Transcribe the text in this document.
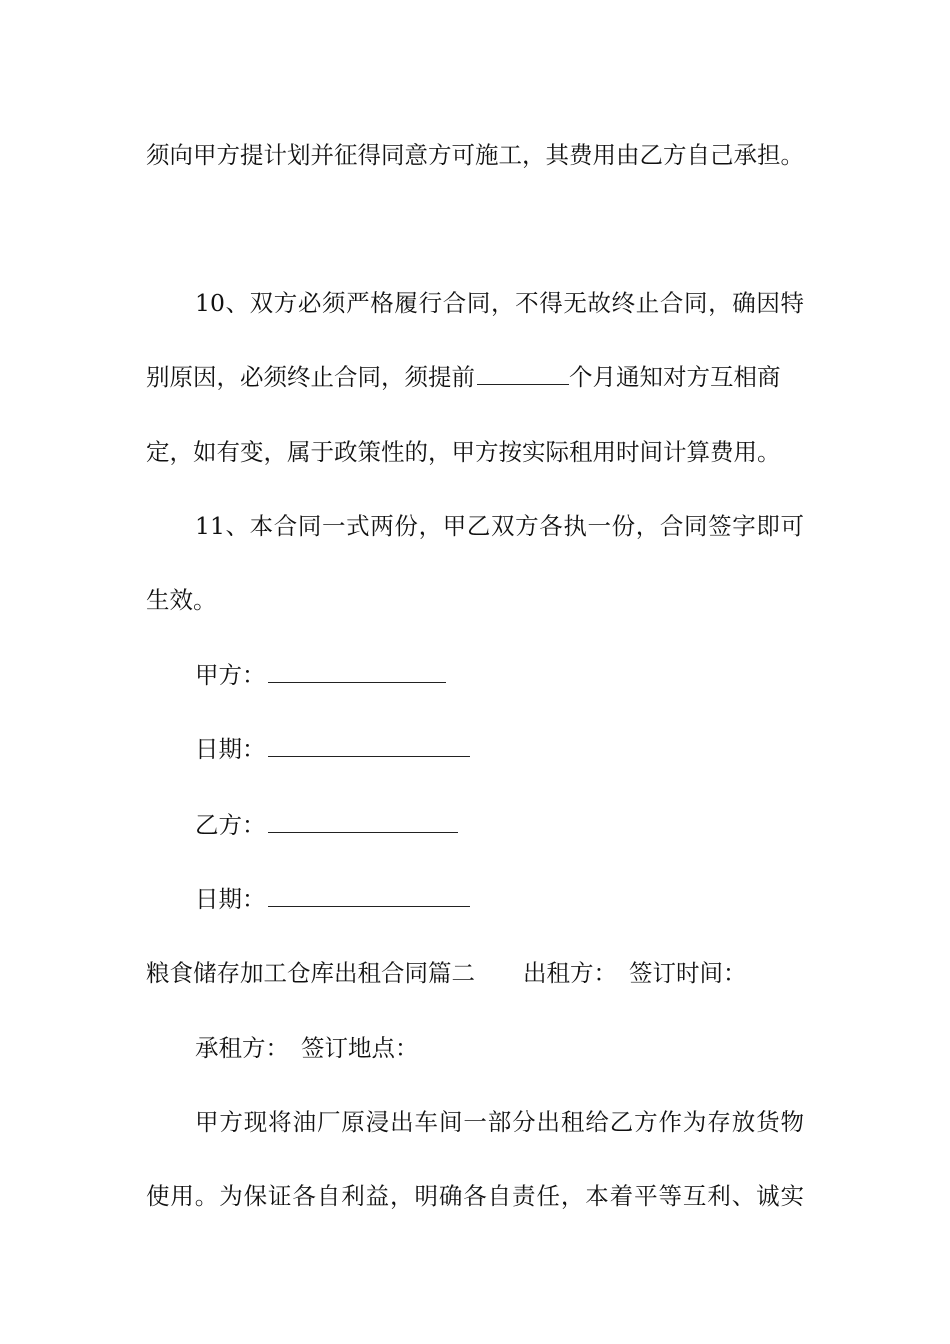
须向甲方提计划并征得同意方可施工，其费用由乙方自己承担。

10、双方必须严格履行合同，不得无故终止合同，确因特

别原因，必须终止合同，须提前	个月通知对方互相商

定，如有变，属于政策性的，甲方按实际租用时间计算费用。

11、本合同一式两份，甲乙双方各执一份，合同签字即可

生效。

甲方：

日期：

乙方：

日期：

粮食储存加工仓库出租合同篇二 出租方： 签订时间：

承租方： 签订地点：

甲方现将油厂原浸出车间一部分出租给乙方作为存放货物

使用。为保证各自利益，明确各自责任，本着平等互利、诚实
